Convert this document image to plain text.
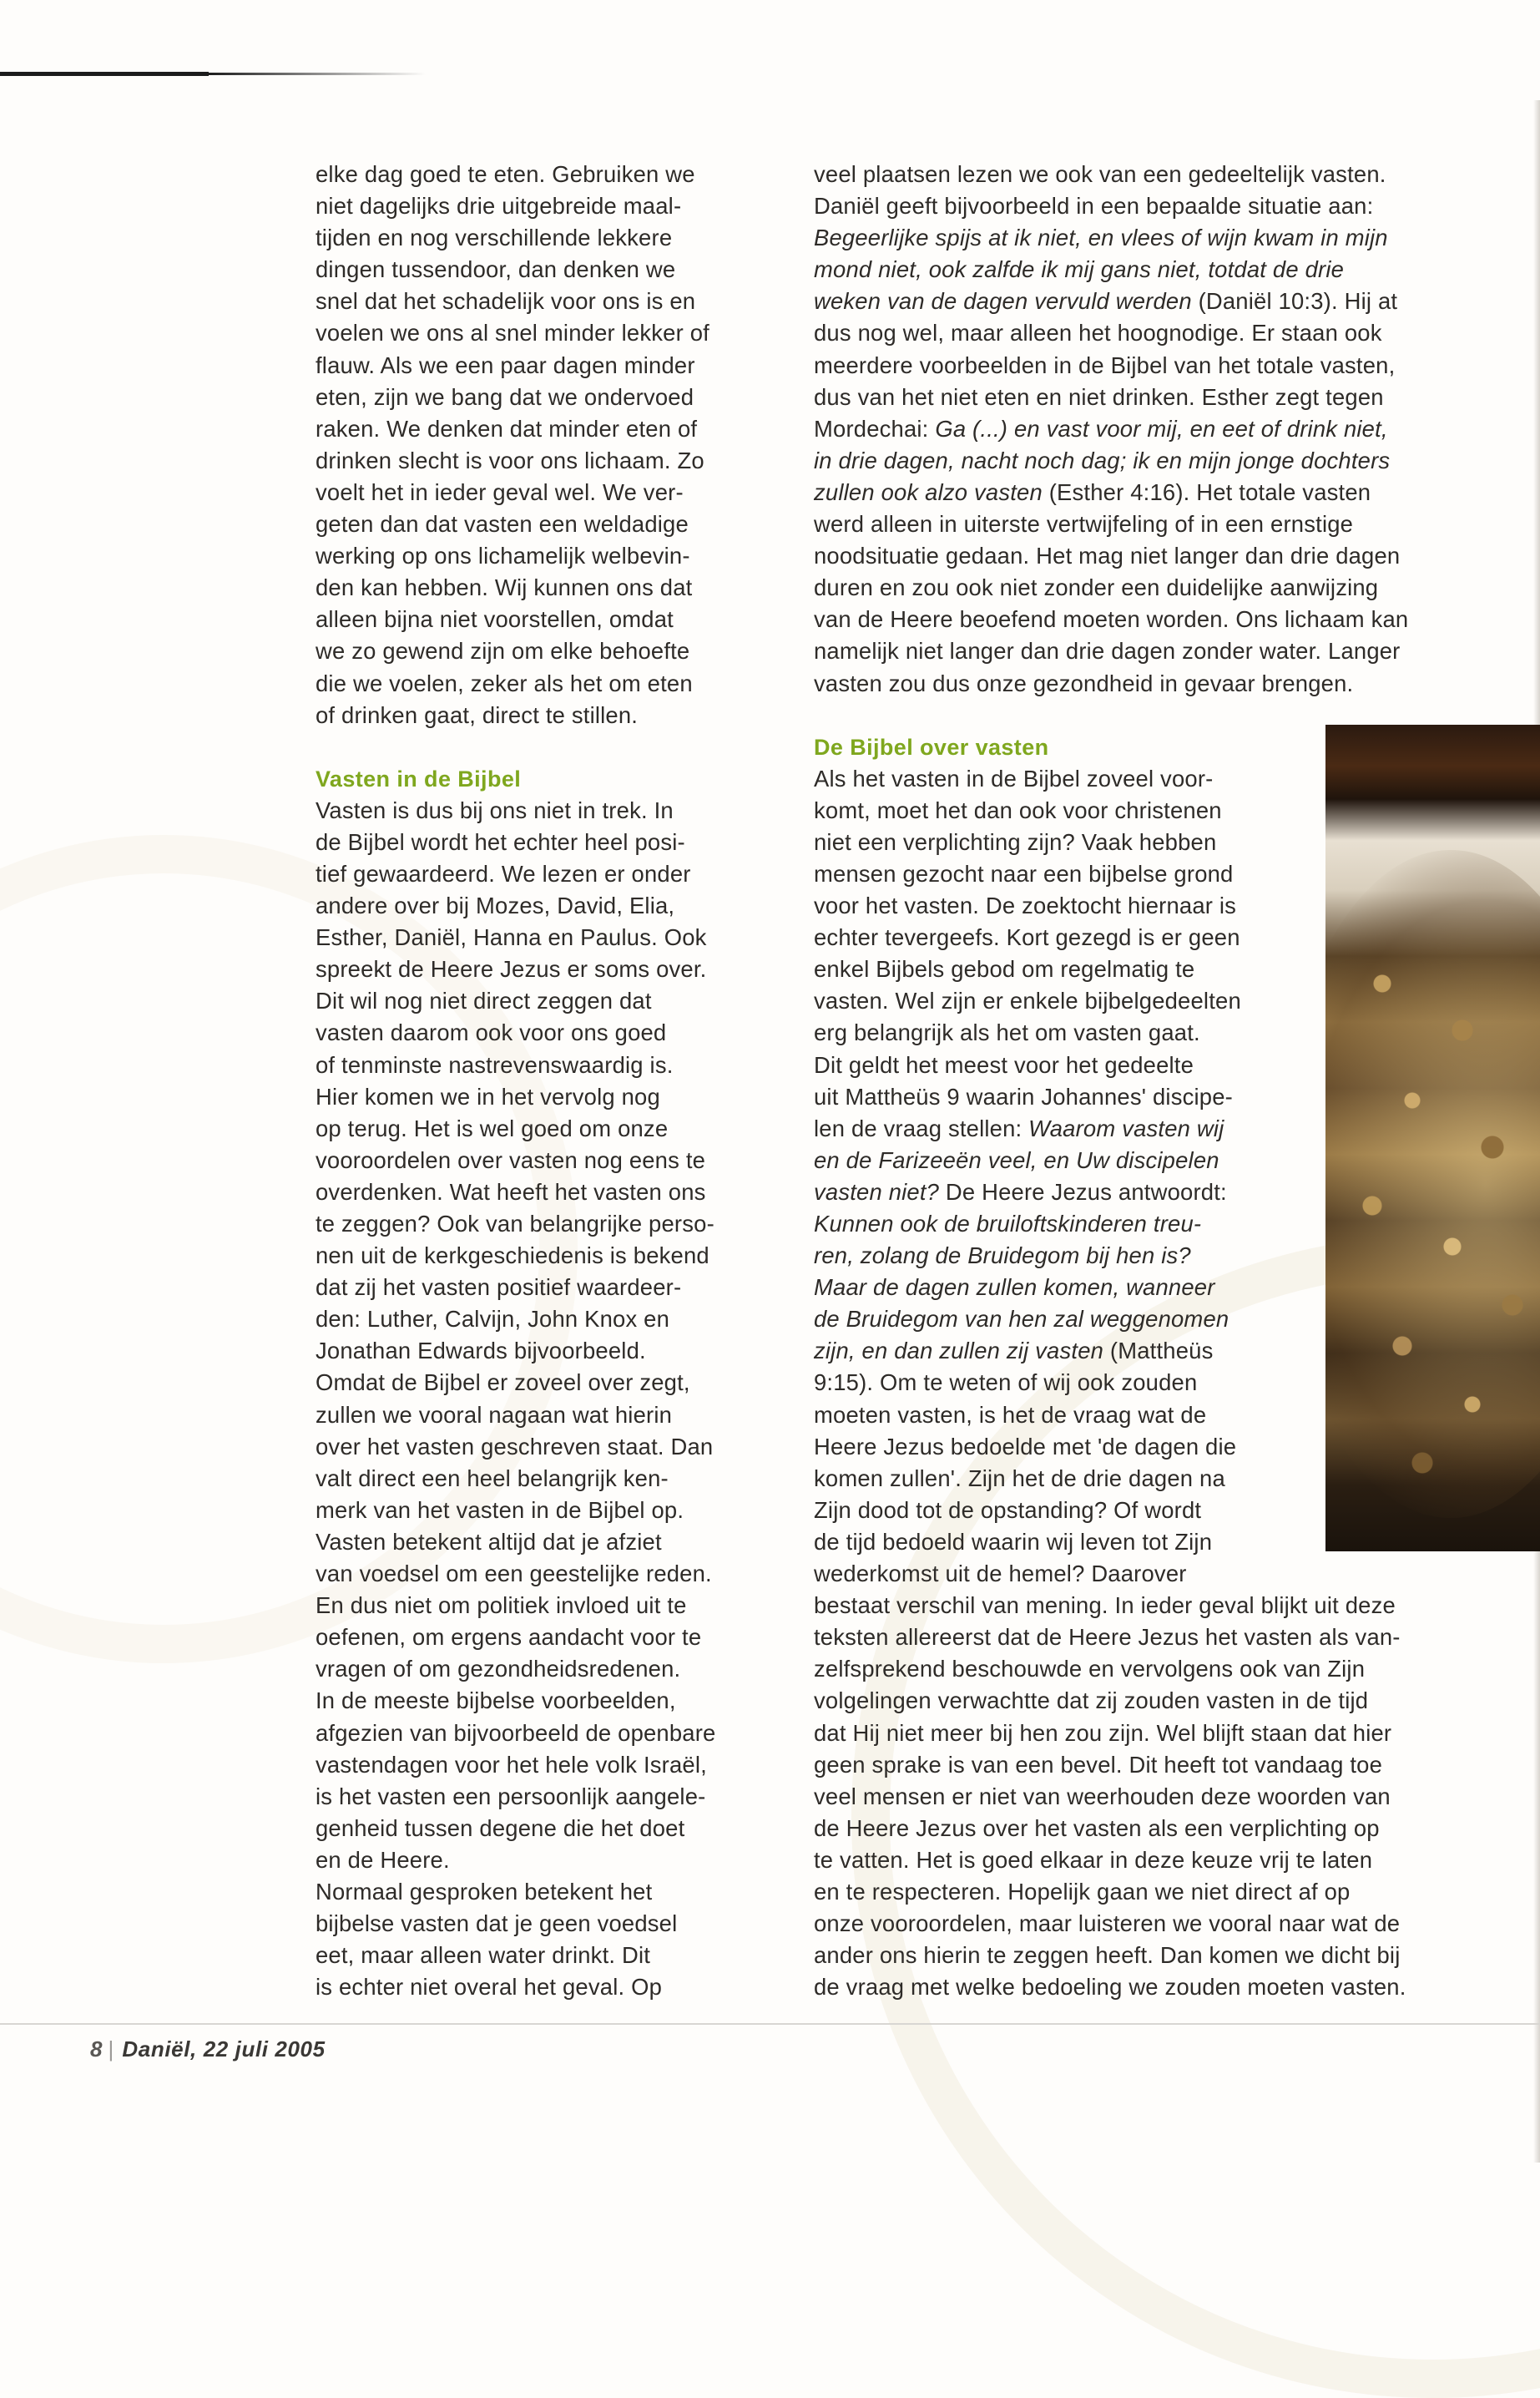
elke dag goed te eten. Gebruiken we

niet dagelijks drie uitgebreide maal-

tijden en nog verschillende lekkere

dingen tussendoor, dan denken we

snel dat het schadelijk voor ons is en

voelen we ons al snel minder lekker of

flauw. Als we een paar dagen minder

eten, zijn we bang dat we ondervoed

raken. We denken dat minder eten of

drinken slecht is voor ons lichaam. Zo

voelt het in ieder geval wel. We ver-

geten dan dat vasten een weldadige

werking op ons lichamelijk welbevin-

den kan hebben. Wij kunnen ons dat

alleen bijna niet voorstellen, omdat

we zo gewend zijn om elke behoefte

die we voelen, zeker als het om eten

of drinken gaat, direct te stillen.

Vasten in de Bijbel

Vasten is dus bij ons niet in trek. In

de Bijbel wordt het echter heel posi-

tief gewaardeerd. We lezen er onder

andere over bij Mozes, David, Elia,

Esther, Daniël, Hanna en Paulus. Ook

spreekt de Heere Jezus er soms over.

Dit wil nog niet direct zeggen dat

vasten daarom ook voor ons goed

of tenminste nastrevenswaardig is.

Hier komen we in het vervolg nog

op terug. Het is wel goed om onze

vooroordelen over vasten nog eens te

overdenken. Wat heeft het vasten ons

te zeggen? Ook van belangrijke perso-

nen uit de kerkgeschiedenis is bekend

dat zij het vasten positief waardeer-

den: Luther, Calvijn, John Knox en

Jonathan Edwards bijvoorbeeld.

Omdat de Bijbel er zoveel over zegt,

zullen we vooral nagaan wat hierin

over het vasten geschreven staat. Dan

valt direct een heel belangrijk ken-

merk van het vasten in de Bijbel op.

Vasten betekent altijd dat je afziet

van voedsel om een geestelijke reden.

En dus niet om politiek invloed uit te

oefenen, om ergens aandacht voor te

vragen of om gezondheidsredenen.

In de meeste bijbelse voorbeelden,

afgezien van bijvoorbeeld de openbare

vastendagen voor het hele volk Israël,

is het vasten een persoonlijk aangele-

genheid tussen degene die het doet

en de Heere.

Normaal gesproken betekent het

bijbelse vasten dat je geen voedsel

eet, maar alleen water drinkt. Dit

is echter niet overal het geval. Op

veel plaatsen lezen we ook van een gedeeltelijk vasten.

Daniël geeft bijvoorbeeld in een bepaalde situatie aan:

Begeerlijke spijs at ik niet, en vlees of wijn kwam in mijn

mond niet, ook zalfde ik mij gans niet, totdat de drie

weken van de dagen vervuld werden (Daniël 10:3). Hij at

dus nog wel, maar alleen het hoognodige. Er staan ook

meerdere voorbeelden in de Bijbel van het totale vasten,

dus van het niet eten en niet drinken. Esther zegt tegen

Mordechai: Ga (...) en vast voor mij, en eet of drink niet,

in drie dagen, nacht noch dag; ik en mijn jonge dochters

zullen ook alzo vasten (Esther 4:16). Het totale vasten

werd alleen in uiterste vertwijfeling of in een ernstige

noodsituatie gedaan. Het mag niet langer dan drie dagen

duren en zou ook niet zonder een duidelijke aanwijzing

van de Heere beoefend moeten worden. Ons lichaam kan

namelijk niet langer dan drie dagen zonder water. Langer

vasten zou dus onze gezondheid in gevaar brengen.

De Bijbel over vasten

Als het vasten in de Bijbel zoveel voor-

komt, moet het dan ook voor christenen

niet een verplichting zijn? Vaak hebben

mensen gezocht naar een bijbelse grond

voor het vasten. De zoektocht hiernaar is

echter tevergeefs. Kort gezegd is er geen

enkel Bijbels gebod om regelmatig te

vasten. Wel zijn er enkele bijbelgedeelten

erg belangrijk als het om vasten gaat.

Dit geldt het meest voor het gedeelte

uit Mattheüs 9 waarin Johannes' discipe-

len de vraag stellen: Waarom vasten wij

en de Farizeeën veel, en Uw discipelen

vasten niet? De Heere Jezus antwoordt:

Kunnen ook de bruiloftskinderen treu-

ren, zolang de Bruidegom bij hen is?

Maar de dagen zullen komen, wanneer

de Bruidegom van hen zal weggenomen

zijn, en dan zullen zij vasten (Mattheüs

9:15). Om te weten of wij ook zouden

moeten vasten, is het de vraag wat de

Heere Jezus bedoelde met 'de dagen die

komen zullen'. Zijn het de drie dagen na

Zijn dood tot de opstanding? Of wordt

de tijd bedoeld waarin wij leven tot Zijn

wederkomst uit de hemel? Daarover

bestaat verschil van mening. In ieder geval blijkt uit deze

teksten allereerst dat de Heere Jezus het vasten als van-

zelfsprekend beschouwde en vervolgens ook van Zijn

volgelingen verwachtte dat zij zouden vasten in de tijd

dat Hij niet meer bij hen zou zijn. Wel blijft staan dat hier

geen sprake is van een bevel. Dit heeft tot vandaag toe

veel mensen er niet van weerhouden deze woorden van

de Heere Jezus over het vasten als een verplichting op

te vatten. Het is goed elkaar in deze keuze vrij te laten

en te respecteren. Hopelijk gaan we niet direct af op

onze vooroordelen, maar luisteren we vooral naar wat de

ander ons hierin te zeggen heeft. Dan komen we dicht bij

de vraag met welke bedoeling we zouden moeten vasten.

8 | Daniël, 22 juli 2005
